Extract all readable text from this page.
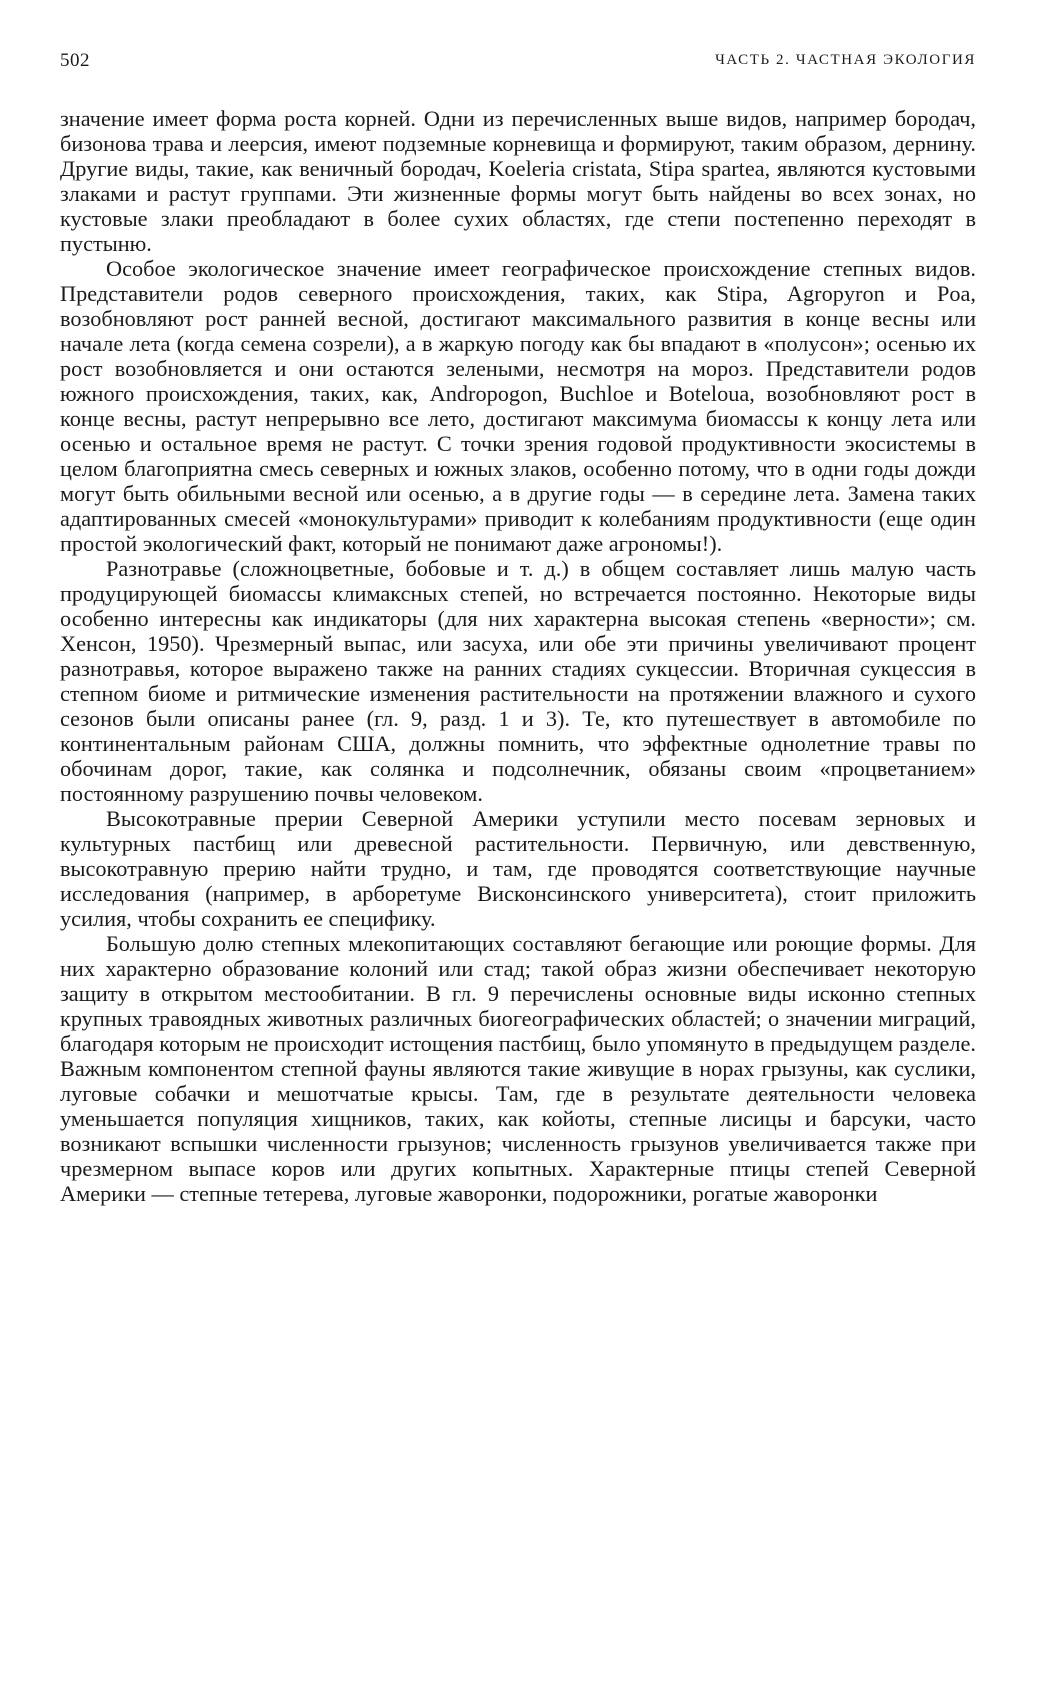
502	ЧАСТЬ 2. ЧАСТНАЯ ЭКОЛОГИЯ

значение имеет форма роста корней. Одни из перечисленных выше видов, например бородач, бизонова трава и леерсия, имеют подземные корневища и формируют, таким образом, дернину. Другие виды, такие, как веничный бородач, Koeleria cristata, Stipa spartea, являются кустовыми злаками и растут группами. Эти жизненные формы могут быть найдены во всех зонах, но кустовые злаки преобладают в более сухих областях, где степи постепенно переходят в пустыню.

Особое экологическое значение имеет географическое происхождение степных видов. Представители родов северного происхождения, таких, как Stipa, Agropyron и Poa, возобновляют рост ранней весной, достигают максимального развития в конце весны или начале лета (когда семена созрели), а в жаркую погоду как бы впадают в «полусон»; осенью их рост возобновляется и они остаются зелеными, несмотря на мороз. Представители родов южного происхождения, таких, как, Andropogon, Buchloe и Boteloua, возобновляют рост в конце весны, растут непрерывно все лето, достигают максимума биомассы к концу лета или осенью и остальное время не растут. С точки зрения годовой продуктивности экосистемы в целом благоприятна смесь северных и южных злаков, особенно потому, что в одни годы дожди могут быть обильными весной или осенью, а в другие годы — в середине лета. Замена таких адаптированных смесей «монокультурами» приводит к колебаниям продуктивности (еще один простой экологический факт, который не понимают даже агрономы!).

Разнотравье (сложноцветные, бобовые и т. д.) в общем составляет лишь малую часть продуцирующей биомассы климаксных степей, но встречается постоянно. Некоторые виды особенно интересны как индикаторы (для них характерна высокая степень «верности»; см. Хенсон, 1950). Чрезмерный выпас, или засуха, или обе эти причины увеличивают процент разнотравья, которое выражено также на ранних стадиях сукцессии. Вторичная сукцессия в степном биоме и ритмические изменения растительности на протяжении влажного и сухого сезонов были описаны ранее (гл. 9, разд. 1 и 3). Те, кто путешествует в автомобиле по континентальным районам США, должны помнить, что эффектные однолетние травы по обочинам дорог, такие, как солянка и подсолнечник, обязаны своим «процветанием» постоянному разрушению почвы человеком.

Высокотравные прерии Северной Америки уступили место посевам зерновых и культурных пастбищ или древесной растительности. Первичную, или девственную, высокотравную прерию найти трудно, и там, где проводятся соответствующие научные исследования (например, в арборетуме Висконсинского университета), стоит приложить усилия, чтобы сохранить ее специфику.

Большую долю степных млекопитающих составляют бегающие или роющие формы. Для них характерно образование колоний или стад; такой образ жизни обеспечивает некоторую защиту в открытом местообитании. В гл. 9 перечислены основные виды исконно степных крупных травоядных животных различных биогеографических областей; о значении миграций, благодаря которым не происходит истощения пастбищ, было упомянуто в предыдущем разделе. Важным компонентом степной фауны являются такие живущие в норах грызуны, как суслики, луговые собачки и мешотчатые крысы. Там, где в результате деятельности человека уменьшается популяция хищников, таких, как койоты, степные лисицы и барсуки, часто возникают вспышки численности грызунов; численность грызунов увеличивается также при чрезмерном выпасе коров или других копытных. Характерные птицы степей Северной Америки — степные тетерева, луговые жаворонки, подорожники, рогатые жаворонки
